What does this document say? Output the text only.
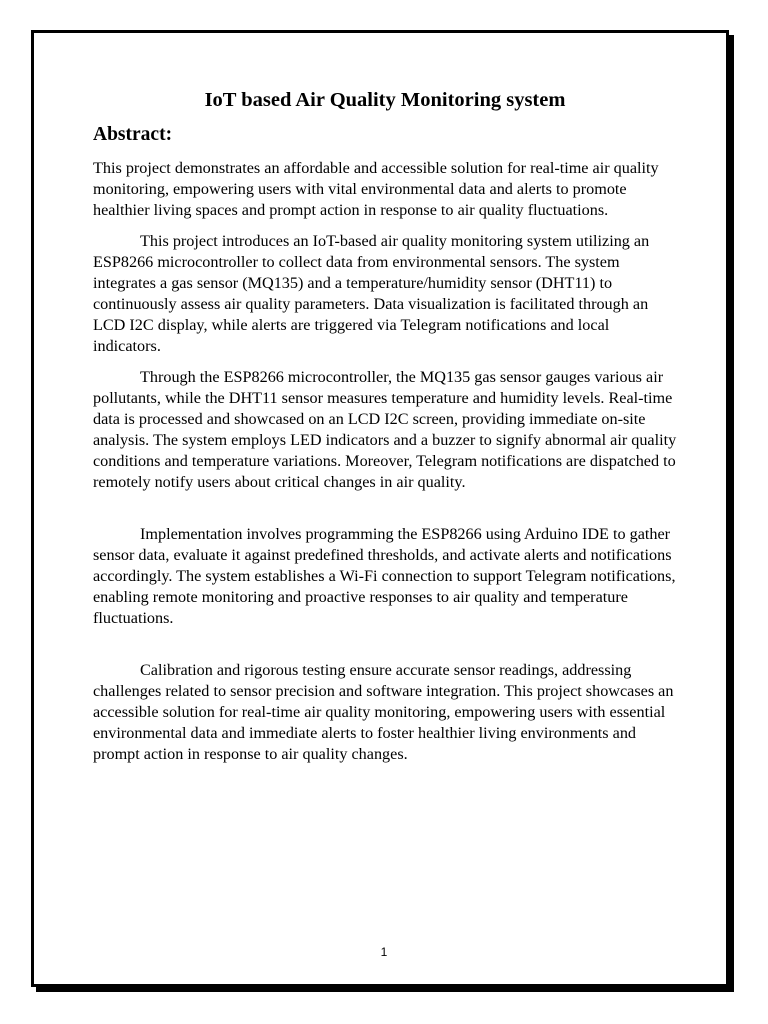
IoT based Air Quality Monitoring system
Abstract:

This project demonstrates an affordable and accessible solution for real-time air quality monitoring, empowering users with vital environmental data and alerts to promote healthier living spaces and prompt action in response to air quality fluctuations.

This project introduces an IoT-based air quality monitoring system utilizing an ESP8266 microcontroller to collect data from environmental sensors. The system integrates a gas sensor (MQ135) and a temperature/humidity sensor (DHT11) to continuously assess air quality parameters. Data visualization is facilitated through an LCD I2C display, while alerts are triggered via Telegram notifications and local indicators.

Through the ESP8266 microcontroller, the MQ135 gas sensor gauges various air pollutants, while the DHT11 sensor measures temperature and humidity levels. Real-time data is processed and showcased on an LCD I2C screen, providing immediate on-site analysis. The system employs LED indicators and a buzzer to signify abnormal air quality conditions and temperature variations. Moreover, Telegram notifications are dispatched to remotely notify users about critical changes in air quality.

Implementation involves programming the ESP8266 using Arduino IDE to gather sensor data, evaluate it against predefined thresholds, and activate alerts and notifications accordingly. The system establishes a Wi-Fi connection to support Telegram notifications, enabling remote monitoring and proactive responses to air quality and temperature fluctuations.

Calibration and rigorous testing ensure accurate sensor readings, addressing challenges related to sensor precision and software integration. This project showcases an accessible solution for real-time air quality monitoring, empowering users with essential environmental data and immediate alerts to foster healthier living environments and prompt action in response to air quality changes.

1
